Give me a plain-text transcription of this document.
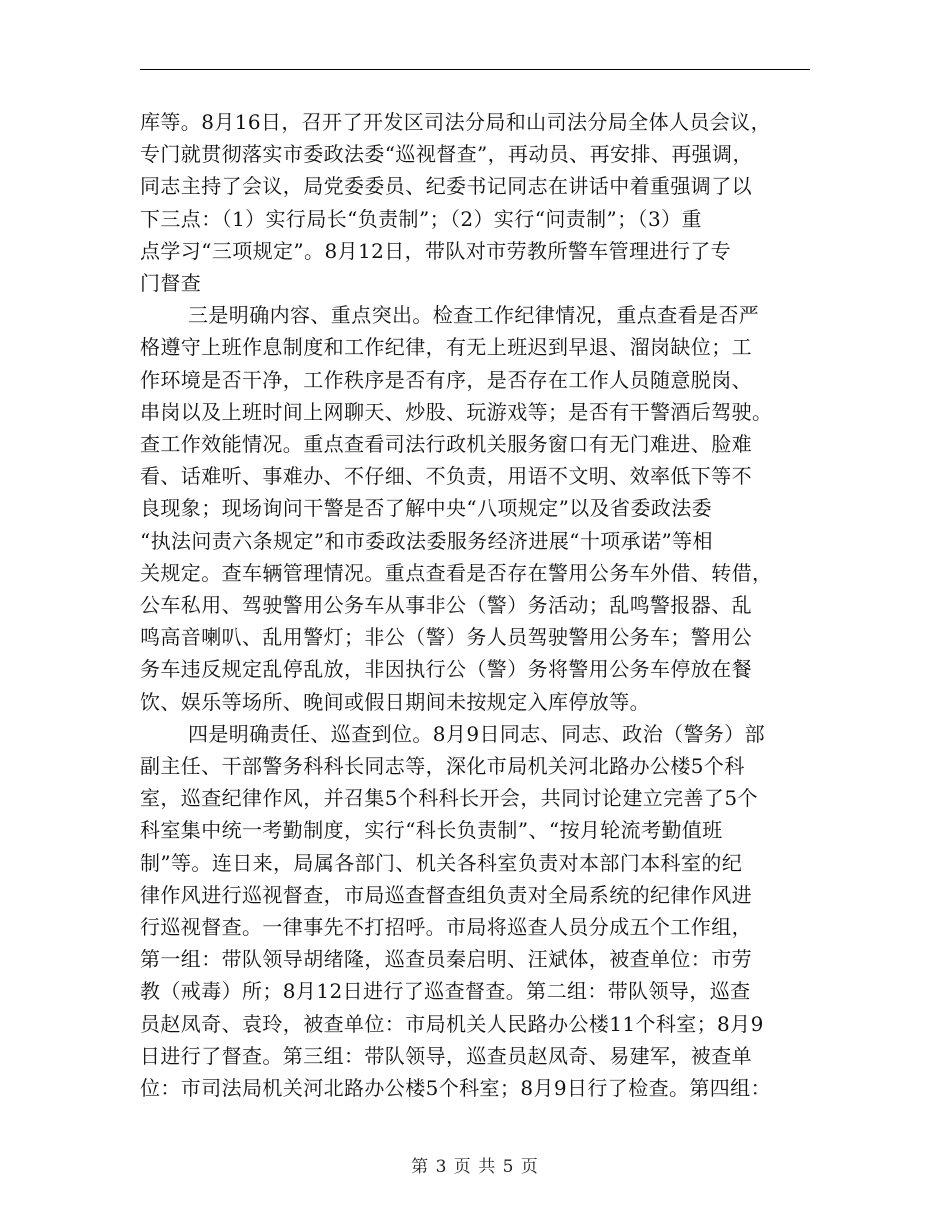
库等。8月16日，召开了开发区司法分局和山司法分局全体人员会议，
专门就贯彻落实市委政法委“巡视督查”，再动员、再安排、再强调，
同志主持了会议，局党委委员、纪委书记同志在讲话中着重强调了以
下三点：（1）实行局长“负责制”；（2）实行“问责制”；（3）重
点学习“三项规定”。8月12日，带队对市劳教所警车管理进行了专
门督查
三是明确内容、重点突出。检查工作纪律情况，重点查看是否严
格遵守上班作息制度和工作纪律，有无上班迟到早退、溜岗缺位；工
作环境是否干净，工作秩序是否有序，是否存在工作人员随意脱岗、
串岗以及上班时间上网聊天、炒股、玩游戏等；是否有干警酒后驾驶。
查工作效能情况。重点查看司法行政机关服务窗口有无门难进、脸难
看、话难听、事难办、不仔细、不负责，用语不文明、效率低下等不
良现象；现场询问干警是否了解中央“八项规定”以及省委政法委
“执法问责六条规定”和市委政法委服务经济进展“十项承诺”等相
关规定。查车辆管理情况。重点查看是否存在警用公务车外借、转借，
公车私用、驾驶警用公务车从事非公（警）务活动；乱鸣警报器、乱
鸣高音喇叭、乱用警灯；非公（警）务人员驾驶警用公务车；警用公
务车违反规定乱停乱放，非因执行公（警）务将警用公务车停放在餐
饮、娱乐等场所、晚间或假日期间未按规定入库停放等。
四是明确责任、巡查到位。8月9日同志、同志、政治（警务）部
副主任、干部警务科科长同志等，深化市局机关河北路办公楼5个科
室，巡查纪律作风，并召集5个科科长开会，共同讨论建立完善了5个
科室集中统一考勤制度，实行“科长负责制”、“按月轮流考勤值班
制”等。连日来，局属各部门、机关各科室负责对本部门本科室的纪
律作风进行巡视督查，市局巡查督查组负责对全局系统的纪律作风进
行巡视督查。一律事先不打招呼。市局将巡查人员分成五个工作组，
第一组：带队领导胡绪隆，巡查员秦启明、汪斌体，被查单位：市劳
教（戒毒）所；8月12日进行了巡查督查。第二组：带队领导，巡查
员赵凤奇、袁玲，被查单位：市局机关人民路办公楼11个科室；8月9
日进行了督查。第三组：带队领导，巡查员赵凤奇、易建军，被查单
位：市司法局机关河北路办公楼5个科室；8月9日行了检查。第四组：
第 3 页 共 5 页
